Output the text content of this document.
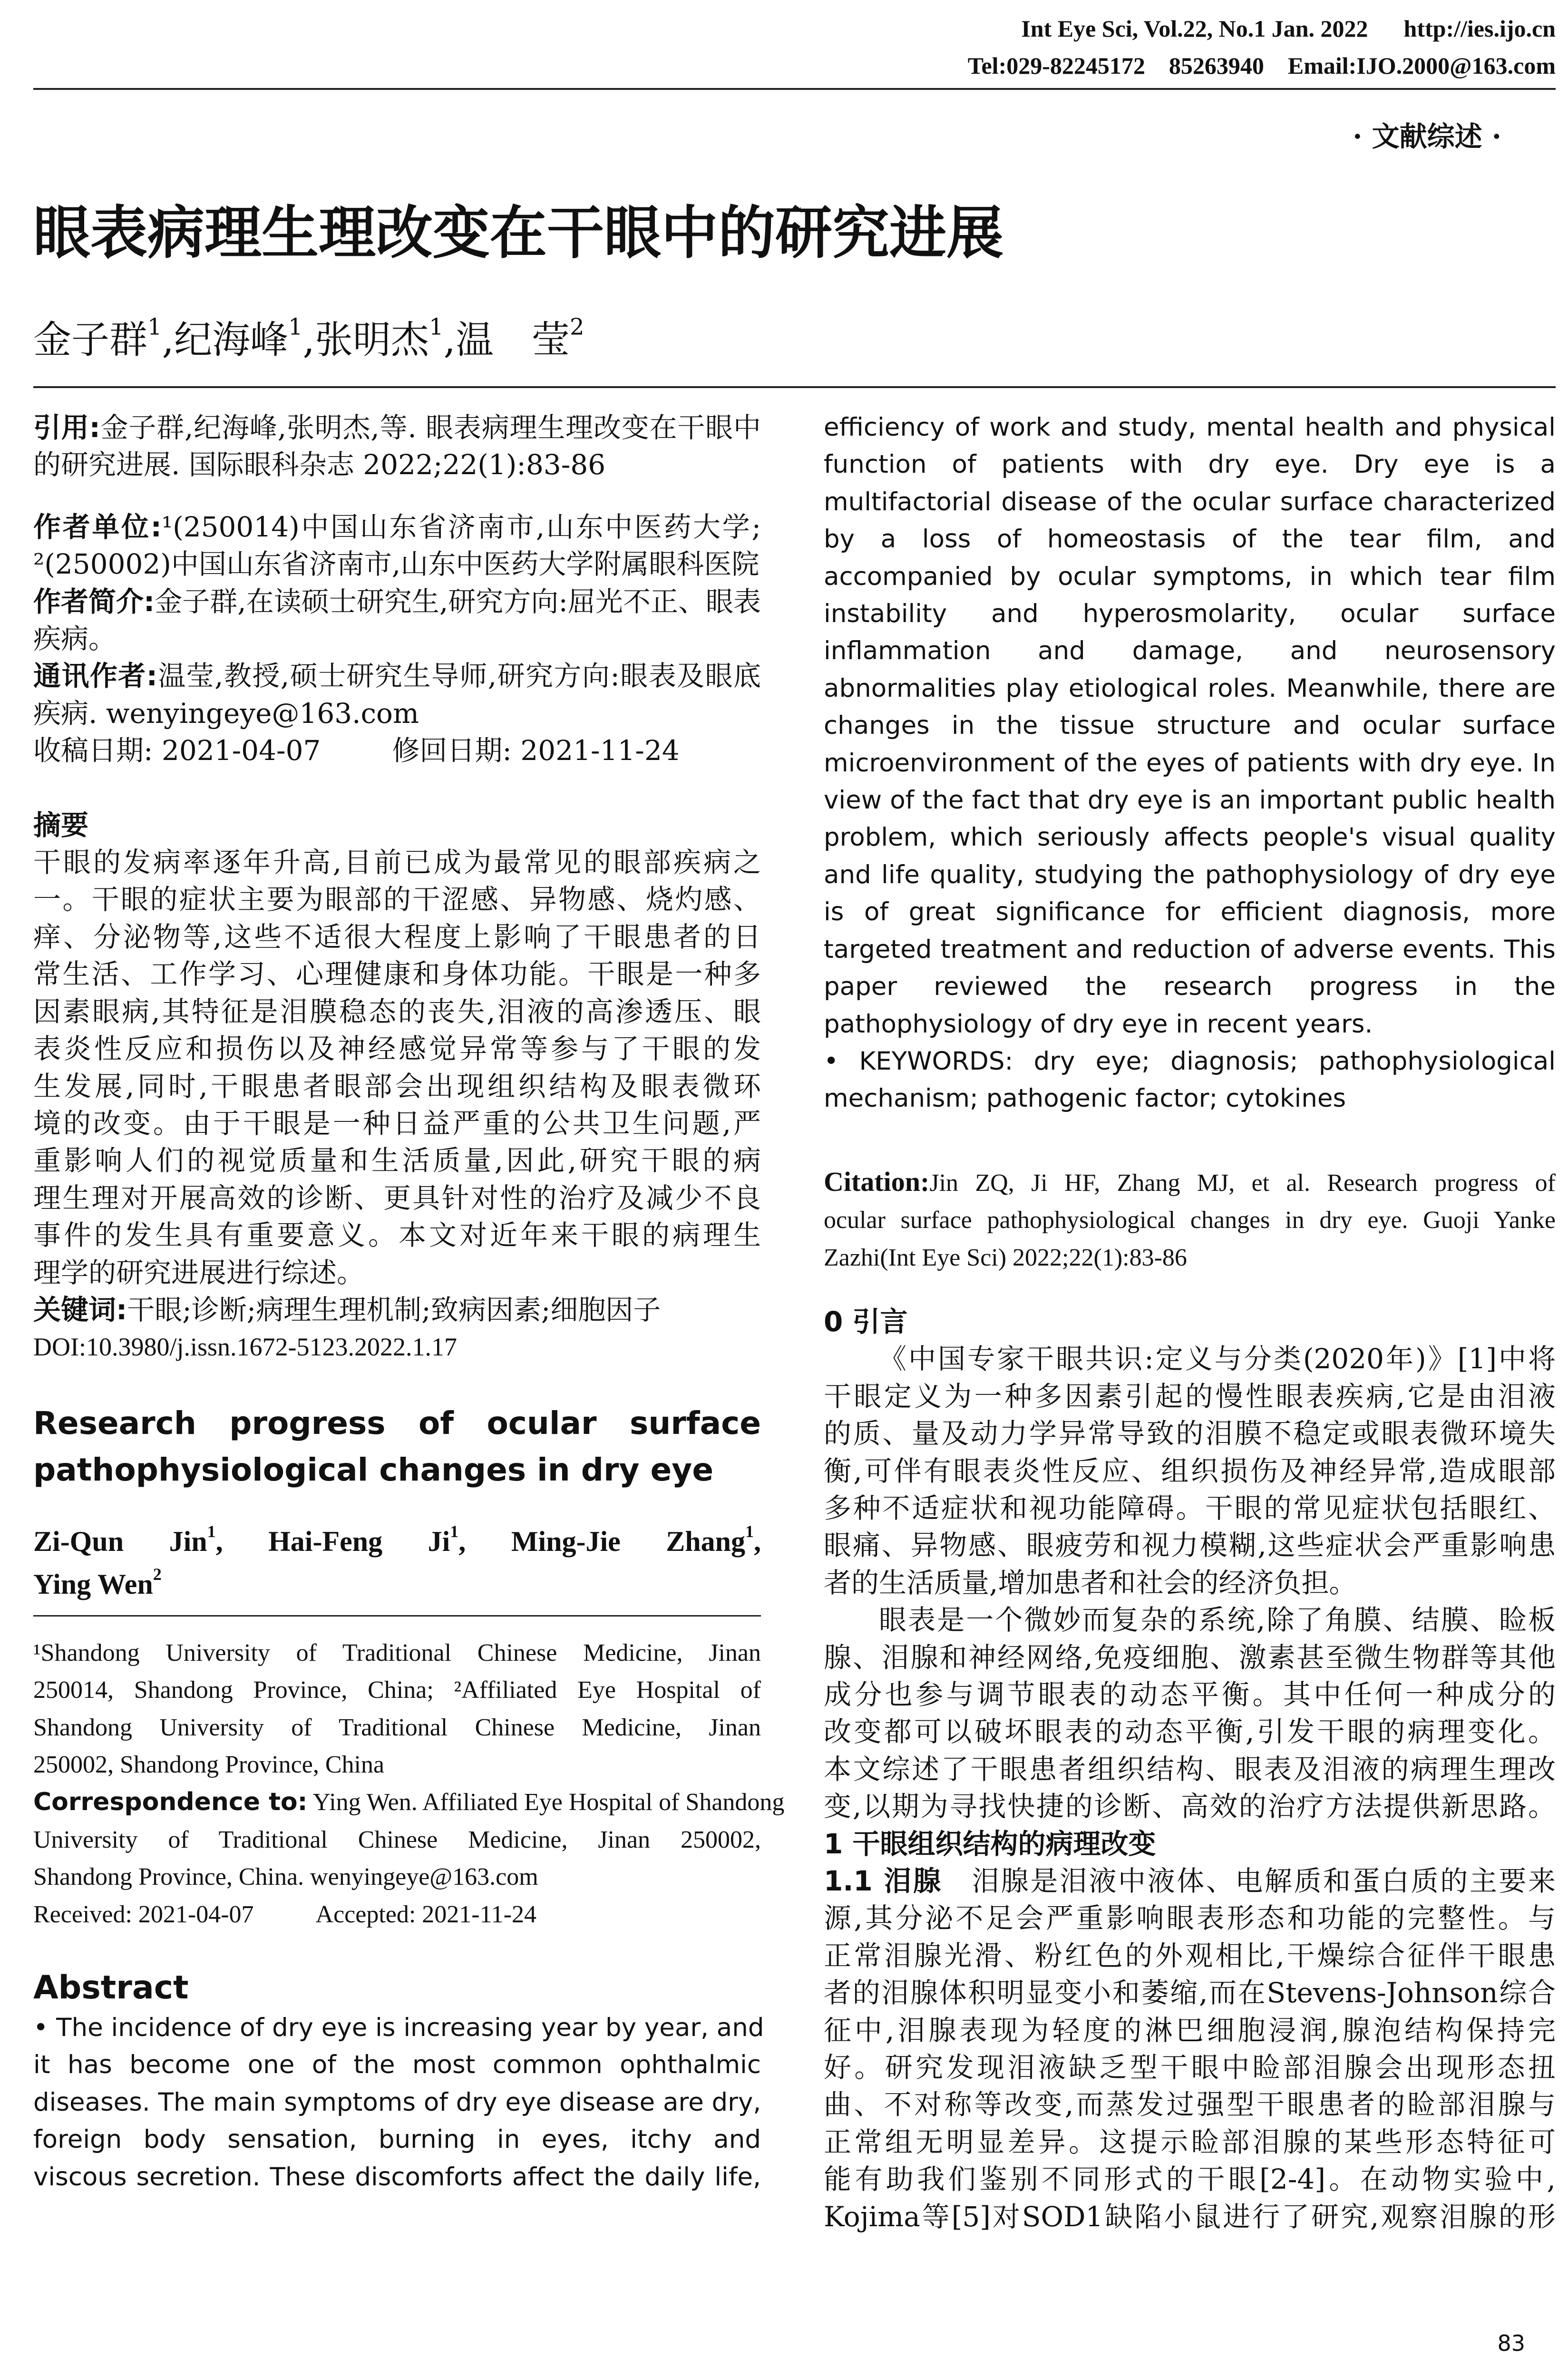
Int Eye Sci, Vol.22, No.1 Jan. 2022      http://ies.ijo.cn
Tel:029-82245172    85263940    Email:IJO.2000@163.com
· 文献综述 ·
眼表病理生理改变在干眼中的研究进展
金子群$^1$,纪海峰$^1$,张明杰$^1$,温　莹$^2$
引用:金子群,纪海峰,张明杰,等. 眼表病理生理改变在干眼中
的研究进展. 国际眼科杂志 2022;22(1):83-86
作者单位:¹(250014)中国山东省济南市,山东中医药大学;
²(250002)中国山东省济南市,山东中医药大学附属眼科医院
作者简介:金子群,在读硕士研究生,研究方向:屈光不正、眼表
疾病。
通讯作者:温莹,教授,硕士研究生导师,研究方向:眼表及眼底
疾病. wenyingeye@163.com
收稿日期: 2021-04-07	修回日期: 2021-11-24
摘要
干眼的发病率逐年升高,目前已成为最常见的眼部疾病之
一。干眼的症状主要为眼部的干涩感、异物感、烧灼感、
痒、分泌物等,这些不适很大程度上影响了干眼患者的日
常生活、工作学习、心理健康和身体功能。干眼是一种多
因素眼病,其特征是泪膜稳态的丧失,泪液的高渗透压、眼
表炎性反应和损伤以及神经感觉异常等参与了干眼的发
生发展,同时,干眼患者眼部会出现组织结构及眼表微环
境的改变。由于干眼是一种日益严重的公共卫生问题,严
重影响人们的视觉质量和生活质量,因此,研究干眼的病
理生理对开展高效的诊断、更具针对性的治疗及减少不良
事件的发生具有重要意义。本文对近年来干眼的病理生
理学的研究进展进行综述。
关键词:干眼;诊断;病理生理机制;致病因素;细胞因子
DOI:10.3980/j.issn.1672-5123.2022.1.17
Research progress of ocular surface
pathophysiological changes in dry eye
Zi-Qun Jin$^1$, Hai-Feng Ji$^1$, Ming-Jie Zhang$^1$,
Ying Wen$^2$
¹Shandong University of Traditional Chinese Medicine, Jinan
250014, Shandong Province, China; ²Affiliated Eye Hospital of
Shandong University of Traditional Chinese Medicine, Jinan
250002, Shandong Province, China
Correspondence to: Ying Wen. Affiliated Eye Hospital of Shandong
University of Traditional Chinese Medicine, Jinan 250002,
Shandong Province, China. wenyingeye@163.com
Received: 2021-04-07	Accepted: 2021-11-24
Abstract
• The incidence of dry eye is increasing year by year, and
it has become one of the most common ophthalmic
diseases. The main symptoms of dry eye disease are dry,
foreign body sensation, burning in eyes, itchy and
viscous secretion. These discomforts affect the daily life,
efficiency of work and study, mental health and physical
function of patients with dry eye. Dry eye is a
multifactorial disease of the ocular surface characterized
by a loss of homeostasis of the tear film, and
accompanied by ocular symptoms, in which tear film
instability and hyperosmolarity, ocular surface
inflammation and damage, and neurosensory
abnormalities play etiological roles. Meanwhile, there are
changes in the tissue structure and ocular surface
microenvironment of the eyes of patients with dry eye. In
view of the fact that dry eye is an important public health
problem, which seriously affects people's visual quality
and life quality, studying the pathophysiology of dry eye
is of great significance for efficient diagnosis, more
targeted treatment and reduction of adverse events. This
paper reviewed the research progress in the
pathophysiology of dry eye in recent years.
• KEYWORDS: dry eye; diagnosis; pathophysiological
mechanism; pathogenic factor; cytokines
Citation:Jin ZQ, Ji HF, Zhang MJ, et al. Research progress of
ocular surface pathophysiological changes in dry eye. Guoji Yanke
Zazhi(Int Eye Sci) 2022;22(1):83-86
0 引言
《中国专家干眼共识:定义与分类(2020年)》[1]中将
干眼定义为一种多因素引起的慢性眼表疾病,它是由泪液
的质、量及动力学异常导致的泪膜不稳定或眼表微环境失
衡,可伴有眼表炎性反应、组织损伤及神经异常,造成眼部
多种不适症状和视功能障碍。干眼的常见症状包括眼红、
眼痛、异物感、眼疲劳和视力模糊,这些症状会严重影响患
者的生活质量,增加患者和社会的经济负担。
眼表是一个微妙而复杂的系统,除了角膜、结膜、睑板
腺、泪腺和神经网络,免疫细胞、激素甚至微生物群等其他
成分也参与调节眼表的动态平衡。其中任何一种成分的
改变都可以破坏眼表的动态平衡,引发干眼的病理变化。
本文综述了干眼患者组织结构、眼表及泪液的病理生理改
变,以期为寻找快捷的诊断、高效的治疗方法提供新思路。
1 干眼组织结构的病理改变
1.1 泪腺　泪腺是泪液中液体、电解质和蛋白质的主要来
源,其分泌不足会严重影响眼表形态和功能的完整性。与
正常泪腺光滑、粉红色的外观相比,干燥综合征伴干眼患
者的泪腺体积明显变小和萎缩,而在Stevens-Johnson综合
征中,泪腺表现为轻度的淋巴细胞浸润,腺泡结构保持完
好。研究发现泪液缺乏型干眼中睑部泪腺会出现形态扭
曲、不对称等改变,而蒸发过强型干眼患者的睑部泪腺与
正常组无明显差异。这提示睑部泪腺的某些形态特征可
能有助我们鉴别不同形式的干眼[2-4]。在动物实验中,
Kojima等[5]对SOD1缺陷小鼠进行了研究,观察泪腺的形
83
